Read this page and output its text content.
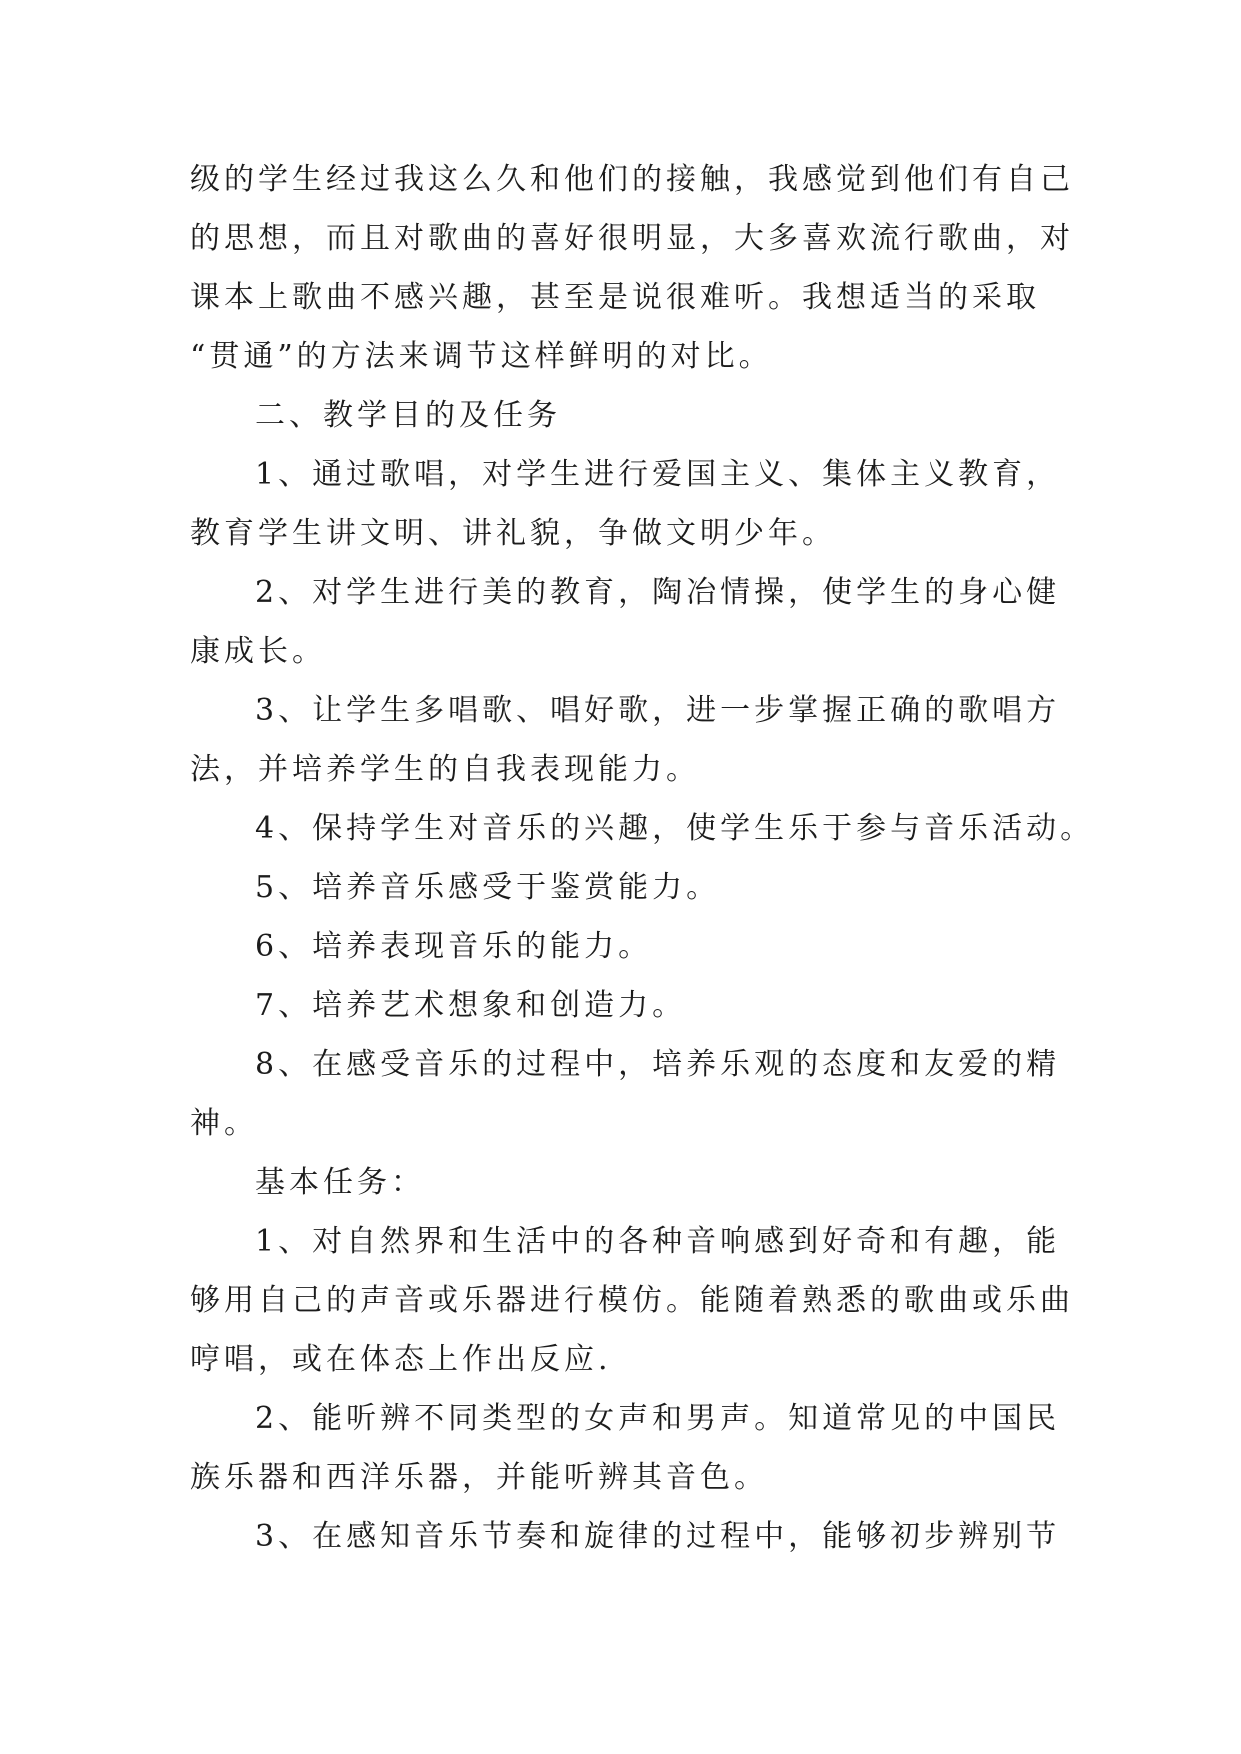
级的学生经过我这么久和他们的接触，我感觉到他们有自己
的思想，而且对歌曲的喜好很明显，大多喜欢流行歌曲，对
课本上歌曲不感兴趣，甚至是说很难听。我想适当的采取
“贯通”的方法来调节这样鲜明的对比。
二、教学目的及任务
1、通过歌唱，对学生进行爱国主义、集体主义教育，
教育学生讲文明、讲礼貌，争做文明少年。
2、对学生进行美的教育，陶冶情操，使学生的身心健
康成长。
3、让学生多唱歌、唱好歌，进一步掌握正确的歌唱方
法，并培养学生的自我表现能力。
4、保持学生对音乐的兴趣，使学生乐于参与音乐活动。
5、培养音乐感受于鉴赏能力。
6、培养表现音乐的能力。
7、培养艺术想象和创造力。
8、在感受音乐的过程中，培养乐观的态度和友爱的精
神。
基本任务：
1、对自然界和生活中的各种音响感到好奇和有趣，能
够用自己的声音或乐器进行模仿。能随着熟悉的歌曲或乐曲
哼唱，或在体态上作出反应.
2、能听辨不同类型的女声和男声。知道常见的中国民
族乐器和西洋乐器，并能听辨其音色。
3、在感知音乐节奏和旋律的过程中，能够初步辨别节
